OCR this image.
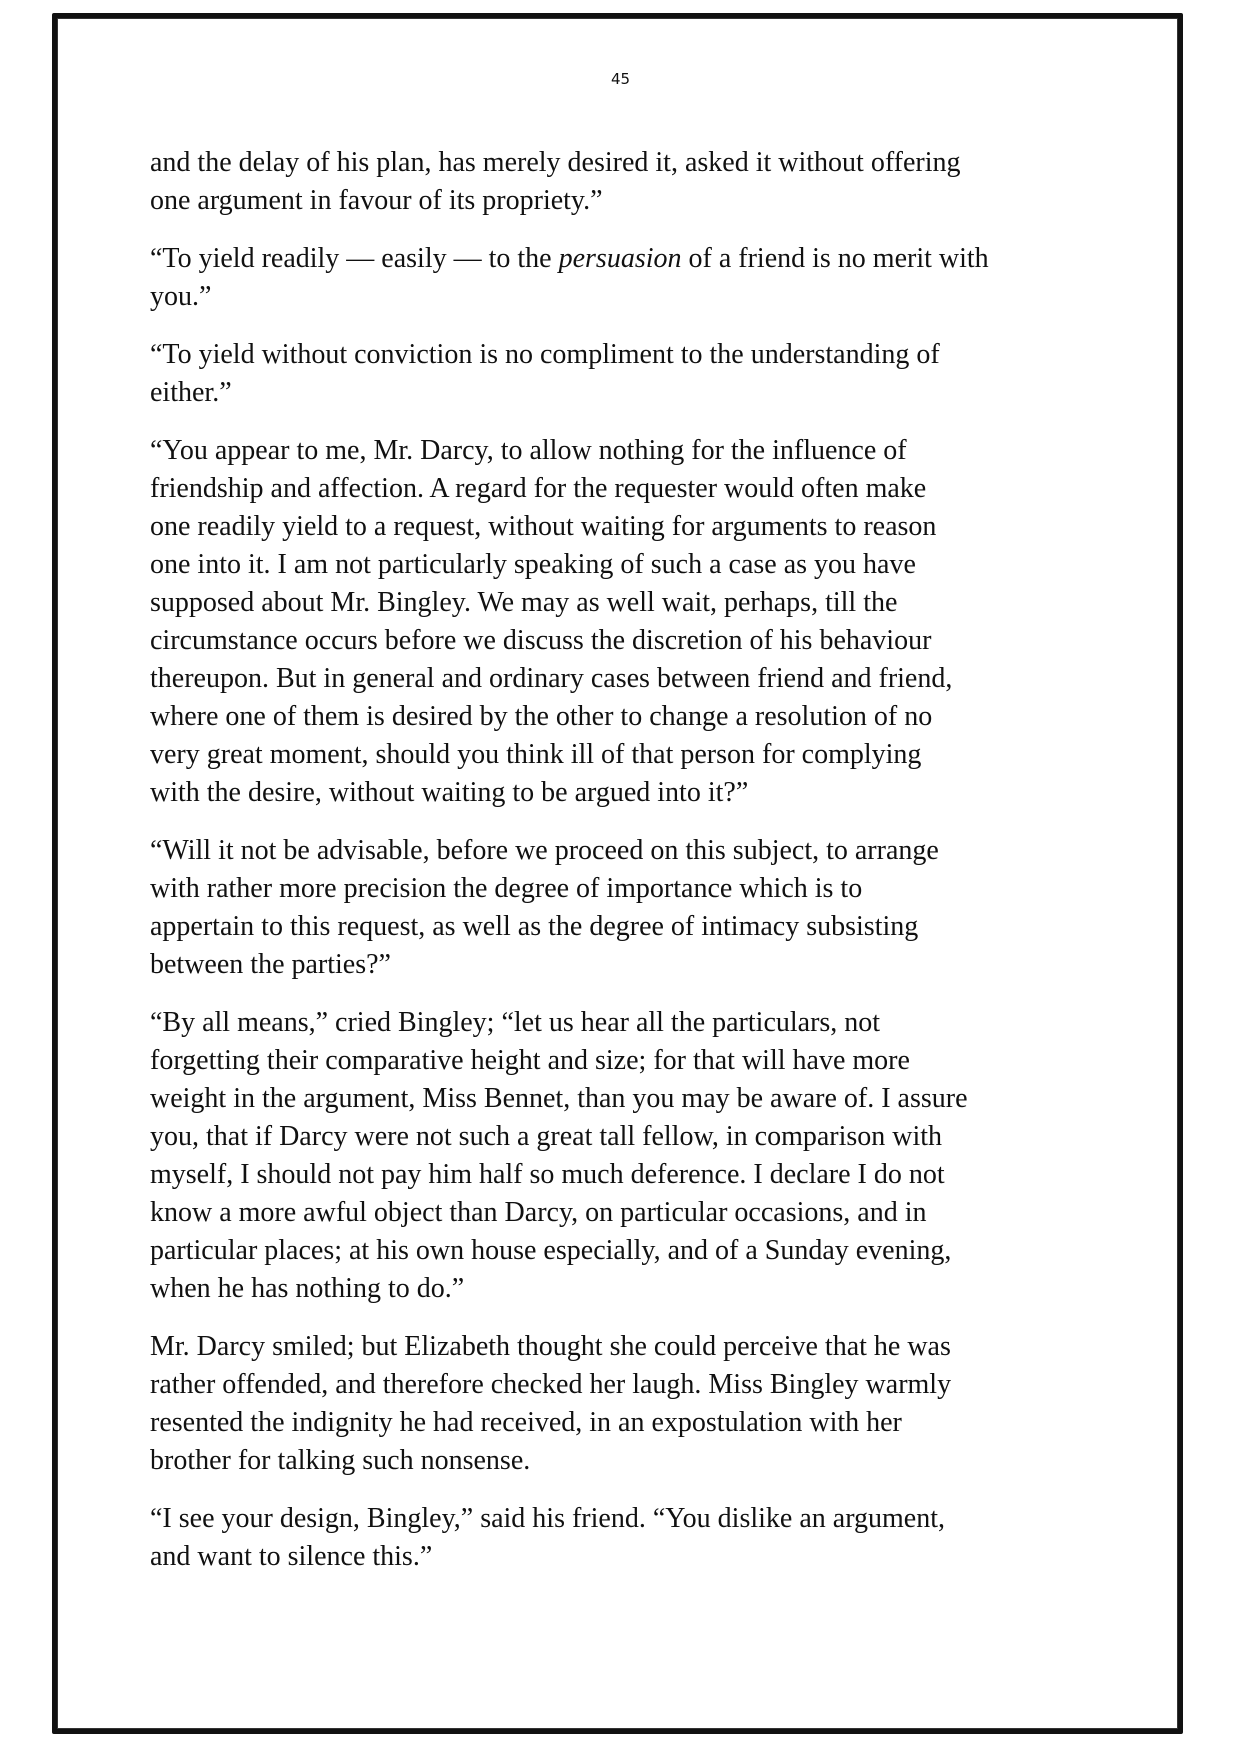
45

and the delay of his plan, has merely desired it, asked it without offering
one argument in favour of its propriety.”

“To yield readily — easily — to the persuasion of a friend is no merit with
you.”

“To yield without conviction is no compliment to the understanding of
either.”

“You appear to me, Mr. Darcy, to allow nothing for the influence of
friendship and affection. A regard for the requester would often make
one readily yield to a request, without waiting for arguments to reason
one into it. I am not particularly speaking of such a case as you have
supposed about Mr. Bingley. We may as well wait, perhaps, till the
circumstance occurs before we discuss the discretion of his behaviour
thereupon. But in general and ordinary cases between friend and friend,
where one of them is desired by the other to change a resolution of no
very great moment, should you think ill of that person for complying
with the desire, without waiting to be argued into it?”

“Will it not be advisable, before we proceed on this subject, to arrange
with rather more precision the degree of importance which is to
appertain to this request, as well as the degree of intimacy subsisting
between the parties?”

“By all means,” cried Bingley; “let us hear all the particulars, not
forgetting their comparative height and size; for that will have more
weight in the argument, Miss Bennet, than you may be aware of. I assure
you, that if Darcy were not such a great tall fellow, in comparison with
myself, I should not pay him half so much deference. I declare I do not
know a more awful object than Darcy, on particular occasions, and in
particular places; at his own house especially, and of a Sunday evening,
when he has nothing to do.”

Mr. Darcy smiled; but Elizabeth thought she could perceive that he was
rather offended, and therefore checked her laugh. Miss Bingley warmly
resented the indignity he had received, in an expostulation with her
brother for talking such nonsense.

“I see your design, Bingley,” said his friend. “You dislike an argument,
and want to silence this.”
